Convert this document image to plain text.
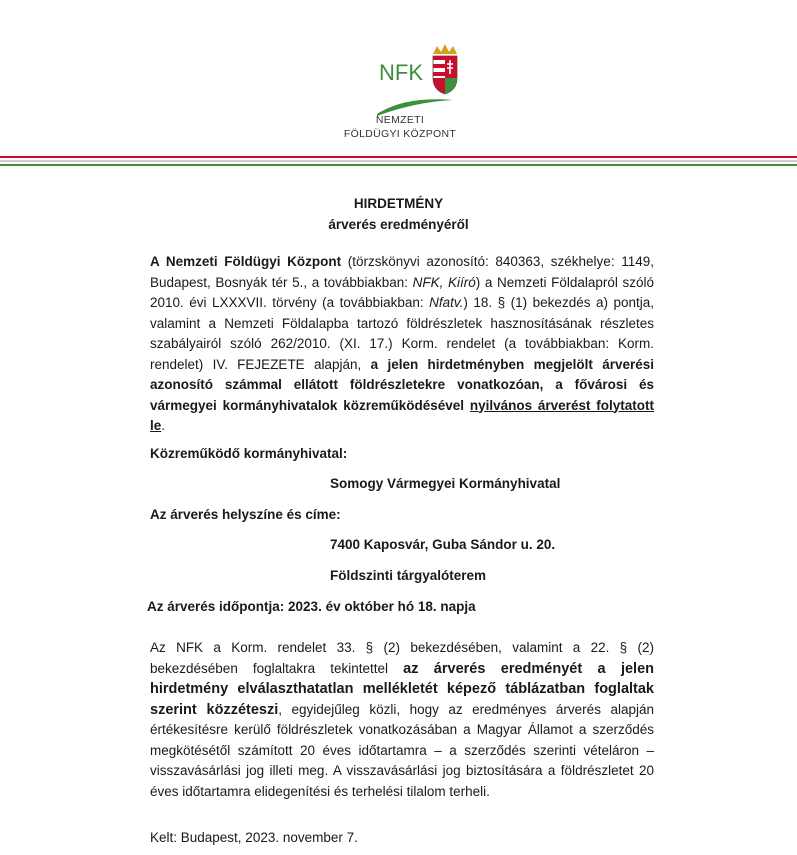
NFK
NEMZETI
FÖLDÜGYI KÖZPONT
HIRDETMÉNY
árverés eredményéről
A Nemzeti Földügyi Központ (törzskönyvi azonosító: 840363, székhelye: 1149, Budapest, Bosnyák tér 5., a továbbiakban: NFK, Kiíró) a Nemzeti Földalapról szóló 2010. évi LXXXVII. törvény (a továbbiakban: Nfatv.) 18. § (1) bekezdés a) pontja, valamint a Nemzeti Földalapba tartozó földrészletek hasznosításának részletes szabályairól szóló 262/2010. (XI. 17.) Korm. rendelet (a továbbiakban: Korm. rendelet) IV. FEJEZETE alapján, a jelen hirdetményben megjelölt árverési azonosító számmal ellátott földrészletekre vonatkozóan, a fővárosi és vármegyei kormányhivatalok közreműködésével nyilvános árverést folytatott le.
Közreműködő kormányhivatal:
Somogy Vármegyei Kormányhivatal
Az árverés helyszíne és címe:
7400 Kaposvár, Guba Sándor u. 20.
Földszinti tárgyalóterem
Az árverés időpontja: 2023. év október hó 18. napja
Az NFK a Korm. rendelet 33. § (2) bekezdésében, valamint a 22. § (2) bekezdésében foglaltakra tekintettel az árverés eredményét a jelen hirdetmény elválaszthatatlan mellékletét képező táblázatban foglaltak szerint közzéteszi, egyidejűleg közli, hogy az eredményes árverés alapján értékesítésre kerülő földrészletek vonatkozásában a Magyar Államot a szerződés megkötésétől számított 20 éves időtartamra – a szerződés szerinti vételáron – visszavásárlási jog illeti meg. A visszavásárlási jog biztosítására a földrészletet 20 éves időtartamra elidegenítési és terhelési tilalom terheli.
Kelt: Budapest, 2023. november 7.
